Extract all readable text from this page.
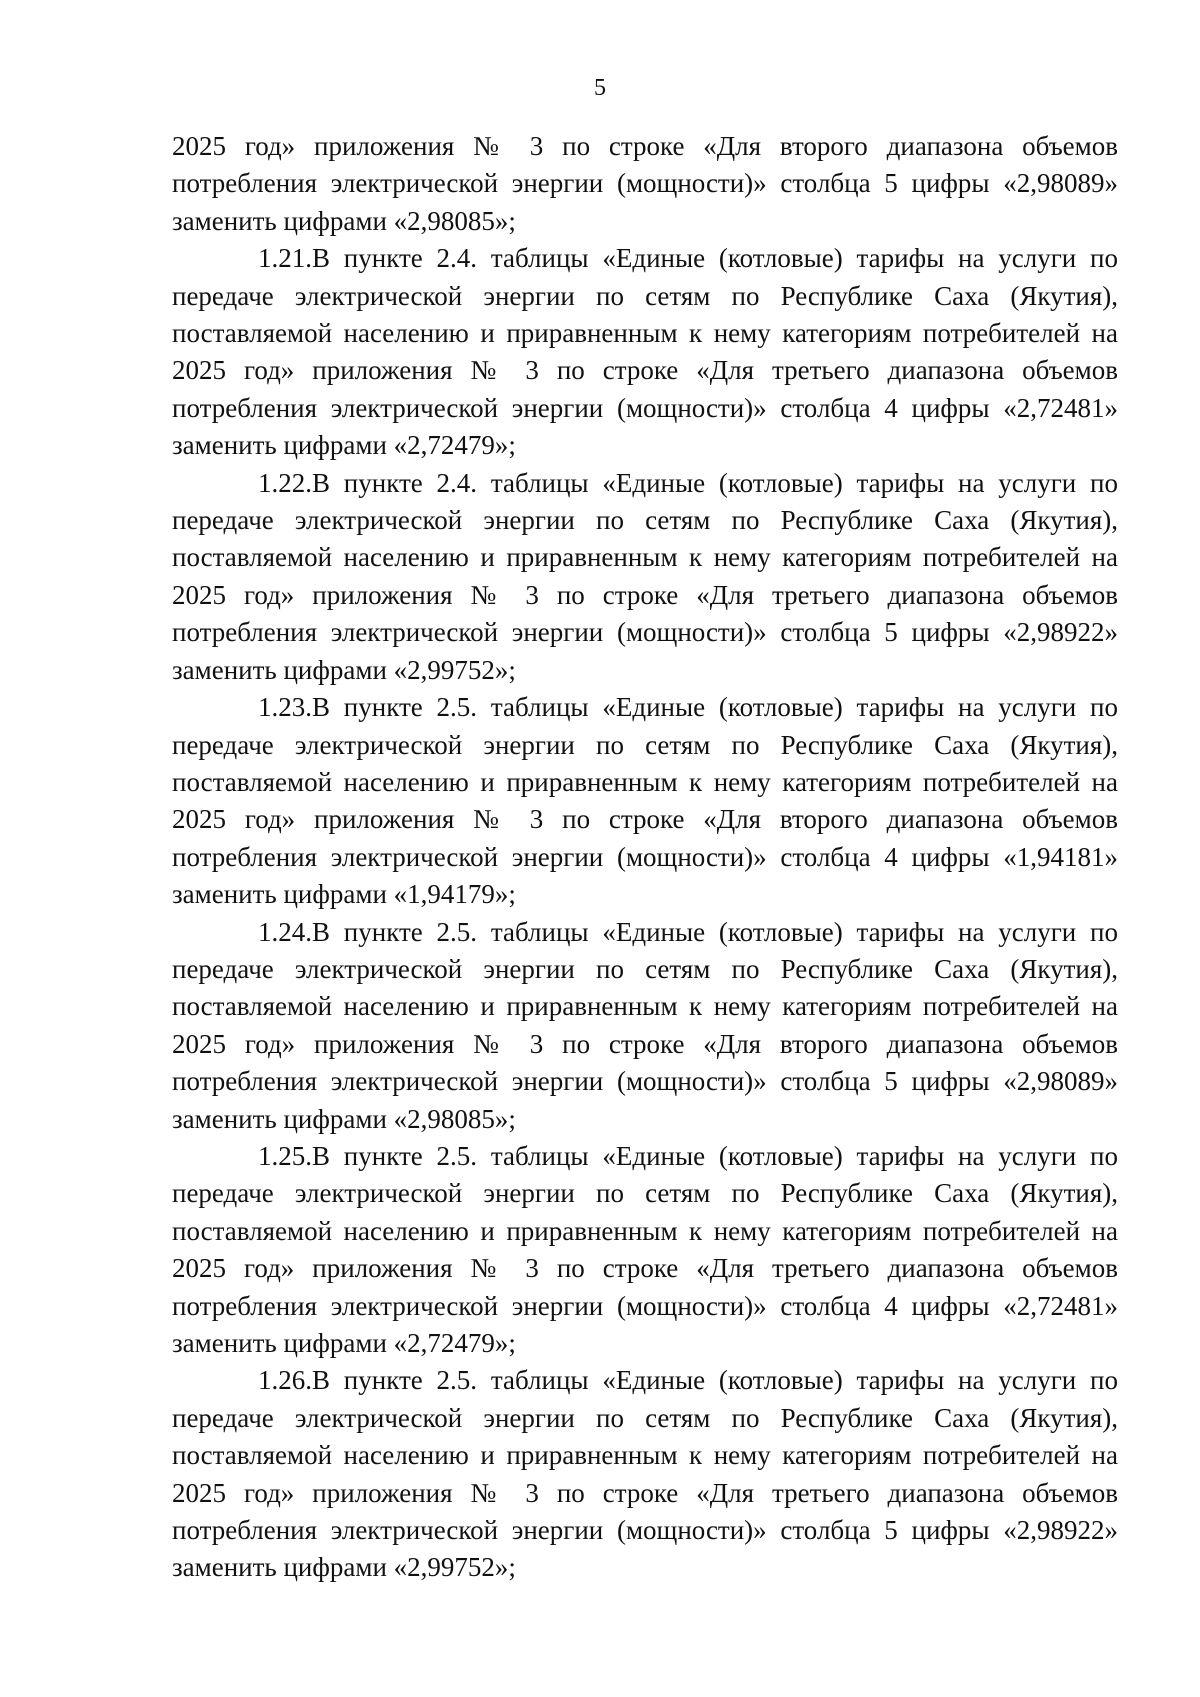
5

2025 год» приложения № 3 по строке «Для второго диапазона объемов потребления электрической энергии (мощности)» столбца 5 цифры «2,98089» заменить цифрами «2,98085»;

1.21.В пункте 2.4. таблицы «Единые (котловые) тарифы на услуги по передаче электрической энергии по сетям по Республике Саха (Якутия), поставляемой населению и приравненным к нему категориям потребителей на 2025 год» приложения № 3 по строке «Для третьего диапазона объемов потребления электрической энергии (мощности)» столбца 4 цифры «2,72481» заменить цифрами «2,72479»;

1.22.В пункте 2.4. таблицы «Единые (котловые) тарифы на услуги по передаче электрической энергии по сетям по Республике Саха (Якутия), поставляемой населению и приравненным к нему категориям потребителей на 2025 год» приложения № 3 по строке «Для третьего диапазона объемов потребления электрической энергии (мощности)» столбца 5 цифры «2,98922» заменить цифрами «2,99752»;

1.23.В пункте 2.5. таблицы «Единые (котловые) тарифы на услуги по передаче электрической энергии по сетям по Республике Саха (Якутия), поставляемой населению и приравненным к нему категориям потребителей на 2025 год» приложения № 3 по строке «Для второго диапазона объемов потребления электрической энергии (мощности)» столбца 4 цифры «1,94181» заменить цифрами «1,94179»;

1.24.В пункте 2.5. таблицы «Единые (котловые) тарифы на услуги по передаче электрической энергии по сетям по Республике Саха (Якутия), поставляемой населению и приравненным к нему категориям потребителей на 2025 год» приложения № 3 по строке «Для второго диапазона объемов потребления электрической энергии (мощности)» столбца 5 цифры «2,98089» заменить цифрами «2,98085»;

1.25.В пункте 2.5. таблицы «Единые (котловые) тарифы на услуги по передаче электрической энергии по сетям по Республике Саха (Якутия), поставляемой населению и приравненным к нему категориям потребителей на 2025 год» приложения № 3 по строке «Для третьего диапазона объемов потребления электрической энергии (мощности)» столбца 4 цифры «2,72481» заменить цифрами «2,72479»;

1.26.В пункте 2.5. таблицы «Единые (котловые) тарифы на услуги по передаче электрической энергии по сетям по Республике Саха (Якутия), поставляемой населению и приравненным к нему категориям потребителей на 2025 год» приложения № 3 по строке «Для третьего диапазона объемов потребления электрической энергии (мощности)» столбца 5 цифры «2,98922» заменить цифрами «2,99752»;
